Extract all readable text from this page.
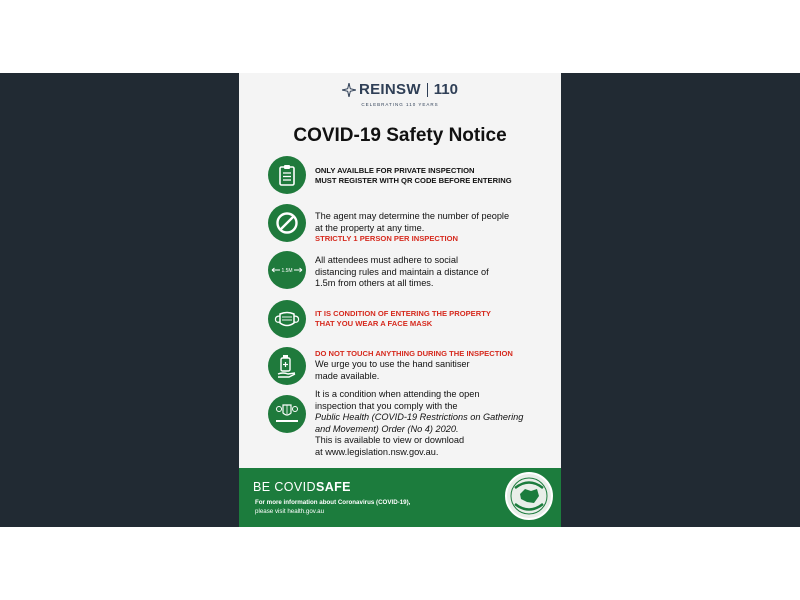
REINSW 110
CELEBRATING 110 YEARS
COVID-19 Safety Notice
ONLY AVAILBLE FOR PRIVATE INSPECTION
MUST REGISTER WITH QR CODE BEFORE ENTERING
The agent may determine the number of people
at the property at any time.
STRICTLY 1 PERSON PER INSPECTION
1.5M
All attendees must adhere to social
distancing rules and maintain a distance of
1.5m from others at all times.
IT IS CONDITION OF ENTERING THE PROPERTY
THAT YOU WEAR A FACE MASK
DO NOT TOUCH ANYTHING DURING THE INSPECTION
We urge you to use the hand sanitiser
made available.
It is a condition when attending the open
inspection that you comply with the
Public Health (COVID-19 Restrictions on Gathering
and Movement) Order (No 4) 2020.
This is available to view or download
at www.legislation.nsw.gov.au.
BE COVIDSAFE
For more information about Coronavirus (COVID-19),
please visit health.gov.au
